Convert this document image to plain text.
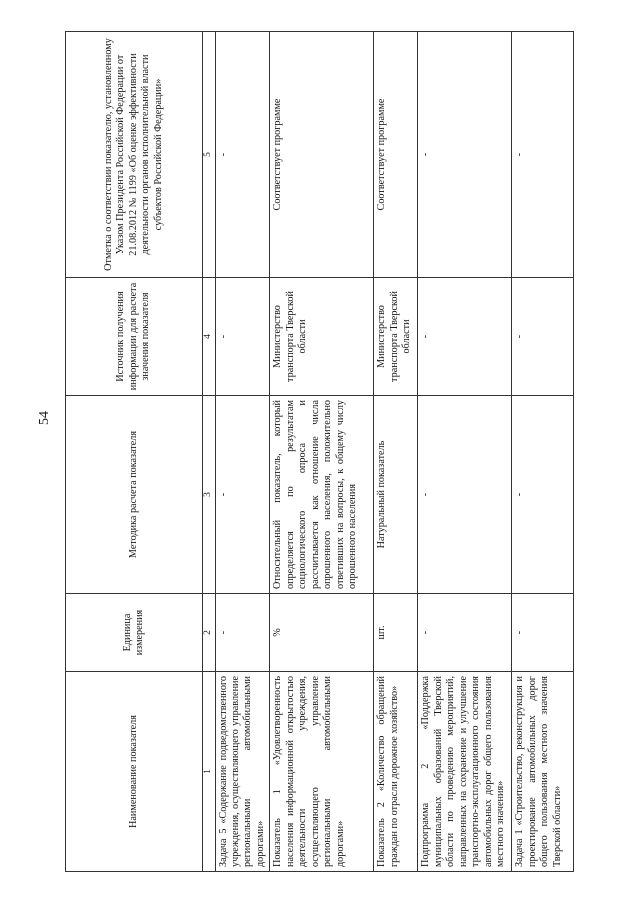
54
Наименование показателя	Единица измерения	Методика расчета показателя	Источник получения информации для расчета значения показателя	Отметка о соответствии показателю, установленному Указом Президента Российской Федерации от 21.08.2012 № 1199 «Об оценке эффективности деятельности органов исполнительной власти субъектов Российской Федерации»
1	2	3	4	5
Задача 5 «Содержание подведомственного учреждения, осуществляющего управление региональными автомобильными дорогами»	-	-	-	-
Показатель 1 «Удовлетворенность населения информационной открытостью деятельности учреждения, осуществляющего управление региональными автомобильными дорогами»	%	Относительный показатель, который определяется по результатам социологического опроса и рассчитывается как отношение числа опрошенного населения, положительно ответивших на вопросы, к общему числу опрошенного населения	Министерство транспорта Тверской области	Соответствует программе
Показатель 2 «Количество обращений граждан по отрасли дорожное хозяйство»	шт.	Натуральный показатель	Министерство транспорта Тверской области	Соответствует программе
Подпрограмма 2 «Поддержка муниципальных образований Тверской области по проведению мероприятий, направленных на сохранение и улучшение транспортно-эксплуатационного состояния автомобильных дорог общего пользования местного значения»	-	-	-	-
Задача 1 «Строительство, реконструкция и проектирование автомобильных дорог общего пользования местного значения Тверской области»	-	-	-	-
